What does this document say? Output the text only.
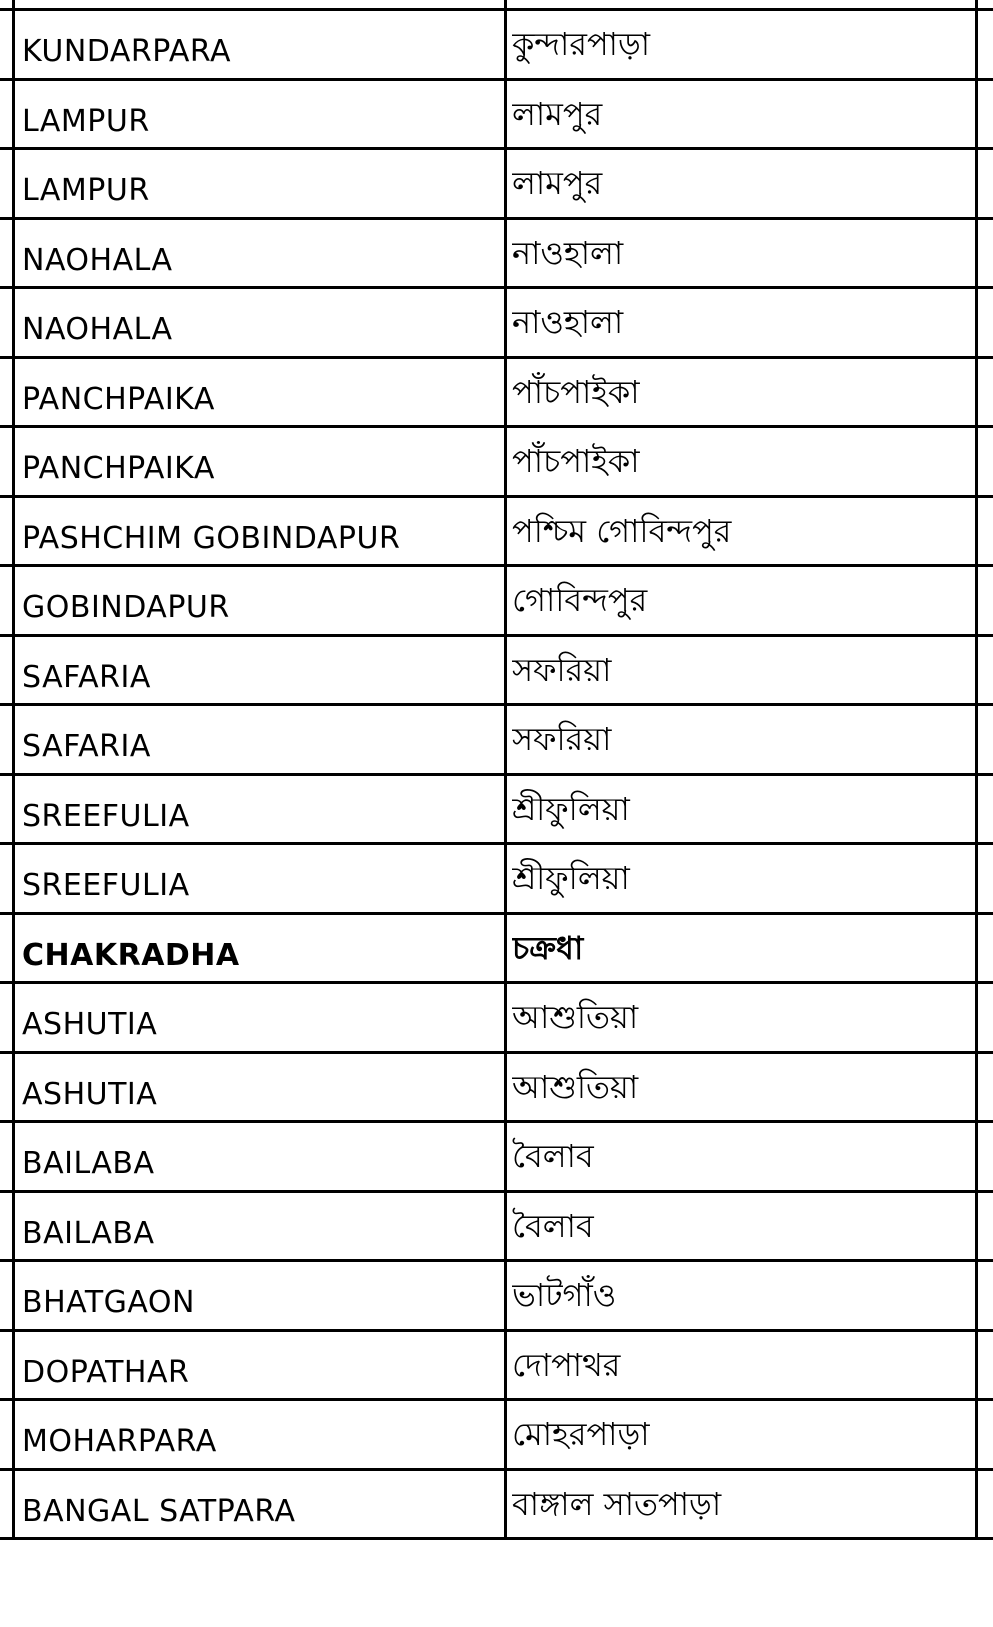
KUNDARPARA	কুন্দারপাড়া
LAMPUR	লামপুর
LAMPUR	লামপুর
NAOHALA	নাওহালা
NAOHALA	নাওহালা
PANCHPAIKA	পাঁচপাইকা
PANCHPAIKA	পাঁচপাইকা
PASHCHIM GOBINDAPUR	পশ্চিম গোবিন্দপুর
GOBINDAPUR	গোবিন্দপুর
SAFARIA	সফরিয়া
SAFARIA	সফরিয়া
SREEFULIA	শ্রীফুলিয়া
SREEFULIA	শ্রীফুলিয়া
CHAKRADHA	চক্রধা
ASHUTIA	আশুতিয়া
ASHUTIA	আশুতিয়া
BAILABA	বৈলাব
BAILABA	বৈলাব
BHATGAON	ভাটগাঁও
DOPATHAR	দোপাথর
MOHARPARA	মোহরপাড়া
BANGAL SATPARA	বাঙ্গাল সাতপাড়া
